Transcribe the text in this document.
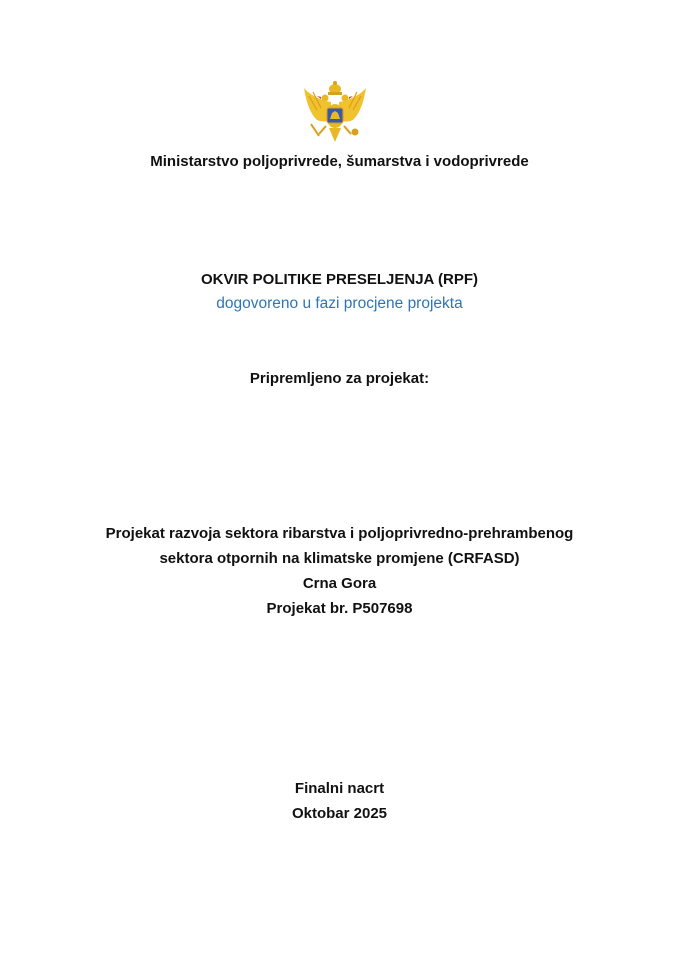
Ministarstvo poljoprivrede, šumarstva i vodoprivrede
OKVIR POLITIKE PRESELJENJA (RPF)
dogovoreno u fazi procjene projekta
Pripremljeno za projekat:
Projekat razvoja sektora ribarstva i poljoprivredno-prehrambenog
sektora otpornih na klimatske promjene (CRFASD)
Crna Gora
Projekat br. P507698
Finalni nacrt
Oktobar 2025
